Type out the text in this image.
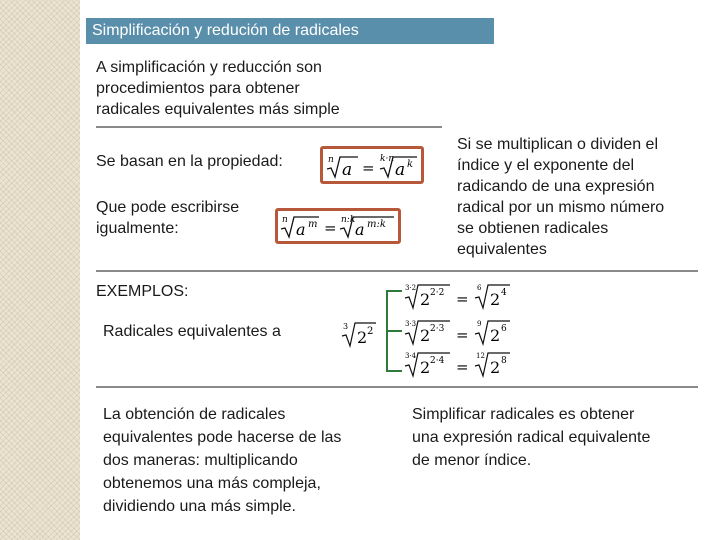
Simplificación y redución de radicales
A simplificación y reducción son
procedimientos para obtener
radicales equivalentes más simple
Se basan en la propiedad:	n a = k·n
a k
Que pode escribirse
igualmente:	n a m = n:k a m:k
Si se multiplican o dividen el
índice y el exponente del
radicando de una expresión
radical por un mismo número
se obtienen radicales
equivalentes
EXEMPLOS:
Radicales equivalentes a	3
2 2
3·2
2 2·2 =
6
2 4
3·3
2 2·3 =
9
2 6
3·4
2 2·4 =
12
2 8
La obtención de radicales
equivalentes pode hacerse de las
dos maneras: multiplicando
obtenemos una más compleja,
dividiendo una más simple.
Simplificar radicales es obtener
una expresión radical equivalente
de menor índice.
